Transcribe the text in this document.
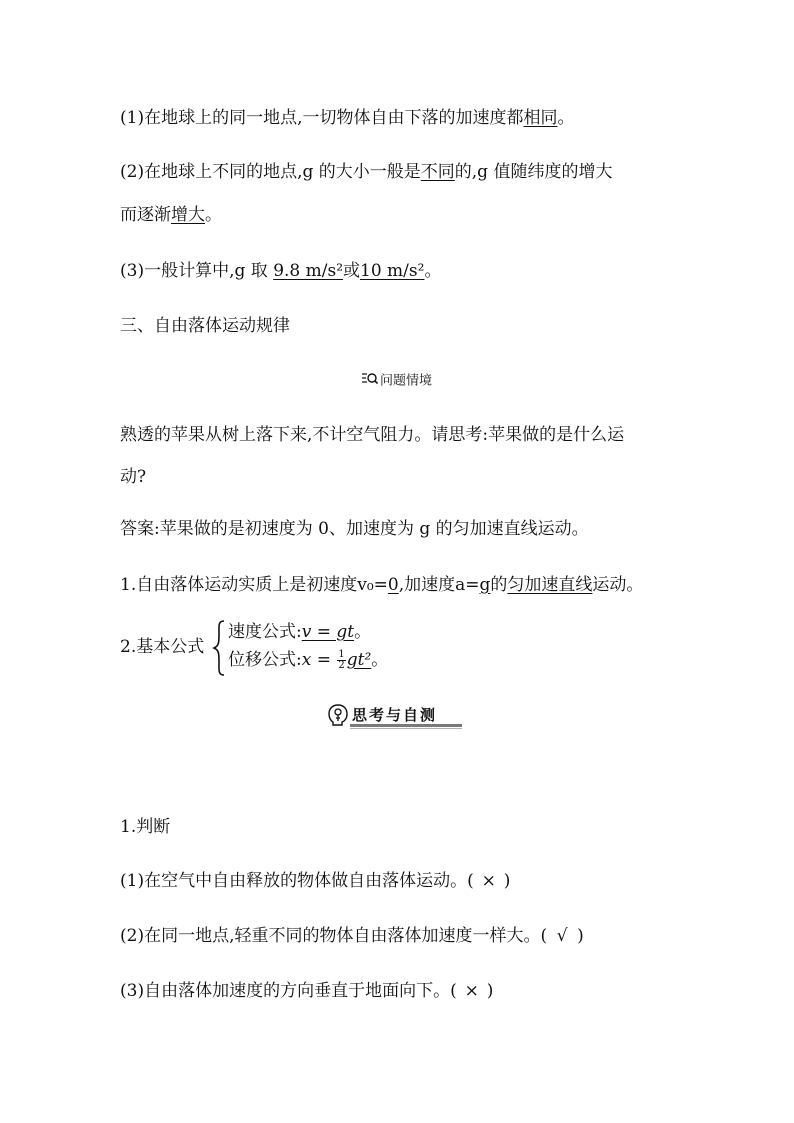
(1)在地球上的同一地点,一切物体自由下落的加速度都相同。
(2)在地球上不同的地点,g 的大小一般是不同的,g 值随纬度的增大
而逐渐增大。
(3)一般计算中,g 取 9.8 m/s²或10 m/s²。
三、自由落体运动规律
问题情境
熟透的苹果从树上落下来,不计空气阻力。请思考:苹果做的是什么运
动?
答案:苹果做的是初速度为 0、加速度为 g 的匀加速直线运动。
1.自由落体运动实质上是初速度v₀=0,加速度a=g的匀加速直线运动。
2.基本公式
速度公式:v = gt。
位移公式:x = $\frac{1}{2} gt^2$。
思考与自测
1.判断
(1)在空气中自由释放的物体做自由落体运动。( × )
(2)在同一地点,轻重不同的物体自由落体加速度一样大。( √ )
(3)自由落体加速度的方向垂直于地面向下。( × )
